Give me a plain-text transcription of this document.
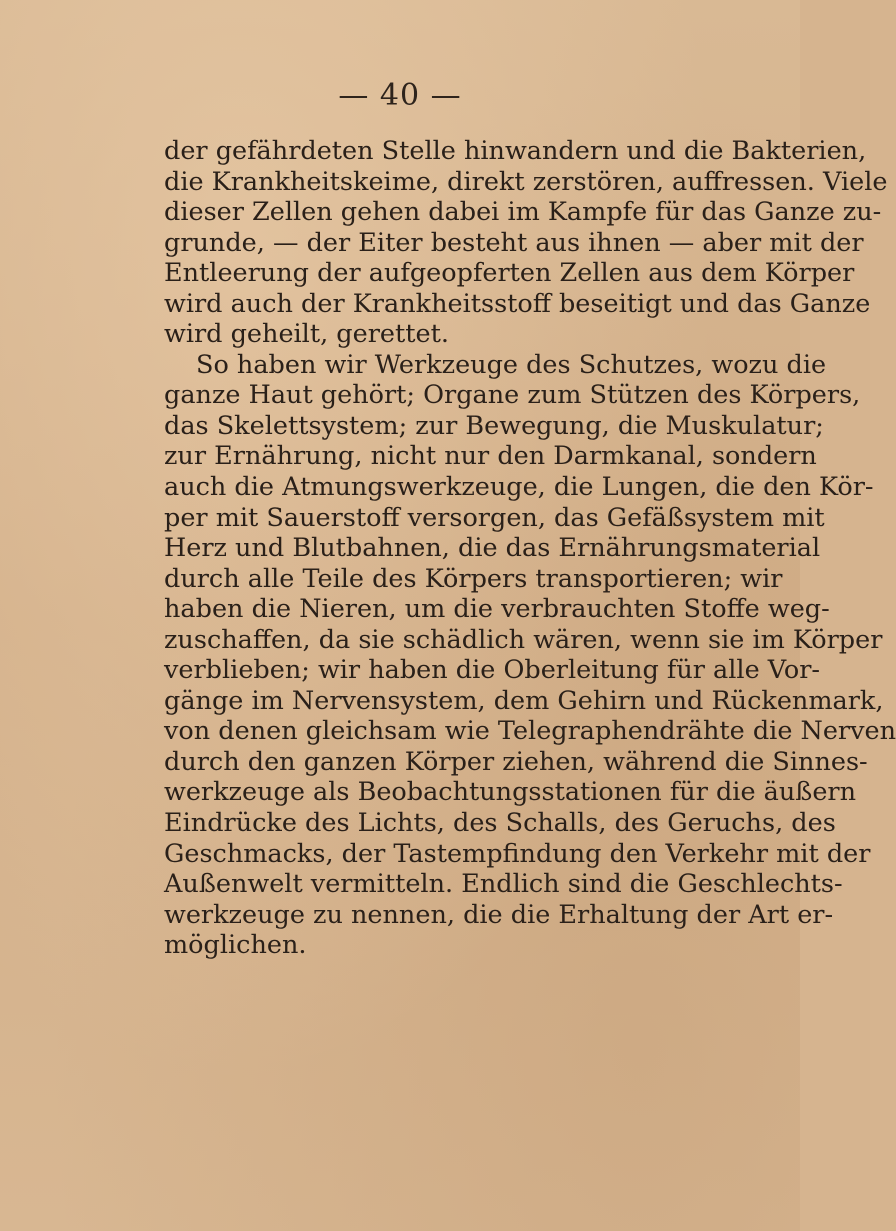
— 40 —
der gefährdeten Stelle hinwandern und die Bakterien,
die Krankheitskeime, direkt zerstören, auffressen. Viele
dieser Zellen gehen dabei im Kampfe für das Ganze zu-
grunde, — der Eiter besteht aus ihnen — aber mit der
Entleerung der aufgeopferten Zellen aus dem Körper
wird auch der Krankheitsstoff beseitigt und das Ganze
wird geheilt, gerettet.
So haben wir Werkzeuge des Schutzes, wozu die
ganze Haut gehört; Organe zum Stützen des Körpers,
das Skelettsystem; zur Bewegung, die Muskulatur;
zur Ernährung, nicht nur den Darmkanal, sondern
auch die Atmungswerkzeuge, die Lungen, die den Kör-
per mit Sauerstoff versorgen, das Gefäßsystem mit
Herz und Blutbahnen, die das Ernährungsmaterial
durch alle Teile des Körpers transportieren; wir
haben die Nieren, um die verbrauchten Stoffe weg-
zuschaffen, da sie schädlich wären, wenn sie im Körper
verblieben; wir haben die Oberleitung für alle Vor-
gänge im Nervensystem, dem Gehirn und Rückenmark,
von denen gleichsam wie Telegraphendrähte die Nerven
durch den ganzen Körper ziehen, während die Sinnes-
werkzeuge als Beobachtungsstationen für die äußern
Eindrücke des Lichts, des Schalls, des Geruchs, des
Geschmacks, der Tastempfindung den Verkehr mit der
Außenwelt vermitteln. Endlich sind die Geschlechts-
werkzeuge zu nennen, die die Erhaltung der Art er-
möglichen.
